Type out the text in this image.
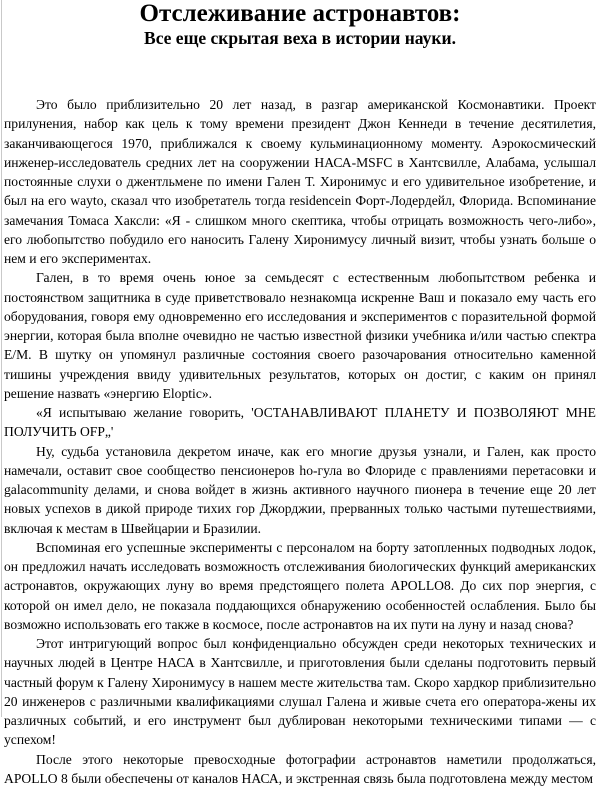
Отслеживание астронавтов:
Все еще скрытая веха в истории науки.

Это было приблизительно 20 лет назад, в разгар американской Космонавтики. Проект прилунения, набор как цель к тому времени президент Джон Кеннеди в течение десятилетия, заканчивающегося 1970, приближался к своему кульминационному моменту. Аэрокосмический инженер-исследователь средних лет на сооружении НАСА-MSFC в Хантсвилле, Алабама, услышал постоянные слухи о джентльмене по имени Гален Т. Хиронимус и его удивительное изобретение, и был на его wayto, сказал что изобретатель тогда residencein Форт-Лодердейл, Флорида. Вспоминание замечания Томаса Хаксли: «Я - слишком много скептика, чтобы отрицать возможность чего-либо», его любопытство побудило его наносить Галену Хиронимусу личный визит, чтобы узнать больше о нем и его экспериментах.

Гален, в то время очень юное за семьдесят с естественным любопытством ребенка и постоянством защитника в суде приветствовало незнакомца искренне Ваш и показало ему часть его оборудования, говоря ему одновременно его исследования и экспериментов с поразительной формой энергии, которая была вполне очевидно не частью известной физики учебника и/или частью спектра E/M. В шутку он упомянул различные состояния своего разочарования относительно каменной тишины учреждения ввиду удивительных результатов, которых он достиг, с каким он принял решение назвать «энергию Eloptic».

«Я испытываю желание говорить, 'ОСТАНАВЛИВАЮТ ПЛАНЕТУ И ПОЗВОЛЯЮТ МНЕ ПОЛУЧИТЬ OFP„'

Ну, судьба установила декретом иначе, как его многие друзья узнали, и Гален, как просто намечали, оставит свое сообщество пенсионеров ho-гула во Флориде с правлениями перетасовки и galacommunity делами, и снова войдет в жизнь активного научного пионера в течение еще 20 лет новых успехов в дикой природе тихих гор Джорджии, прерванных только частыми путешествиями, включая к местам в Швейцарии и Бразилии.

Вспоминая его успешные эксперименты с персоналом на борту затопленных подводных лодок, он предложил начать исследовать возможность отслеживания биологических функций американских астронавтов, окружающих луну во время предстоящего полета APOLLO8. До сих пор энергия, с которой он имел дело, не показала поддающихся обнаружению особенностей ослабления. Было бы возможно использовать его также в космосе, после астронавтов на их пути на луну и назад снова?

Этот интригующий вопрос был конфиденциально обсужден среди некоторых технических и научных людей в Центре НАСА в Хантсвилле, и приготовления были сделаны подготовить первый частный форум к Галену Хиронимусу в нашем месте жительства там. Скоро хардкор приблизительно 20 инженеров с различными квалификациями слушал Галена и живые счета его оператора-жены их различных событий, и его инструмент был дублирован некоторыми техническими типами — с успехом!

После этого некоторые превосходные фотографии астронавтов наметили продолжаться, APOLLO 8 были обеспечены от каналов НАСА, и экстренная связь была подготовлена между местом
